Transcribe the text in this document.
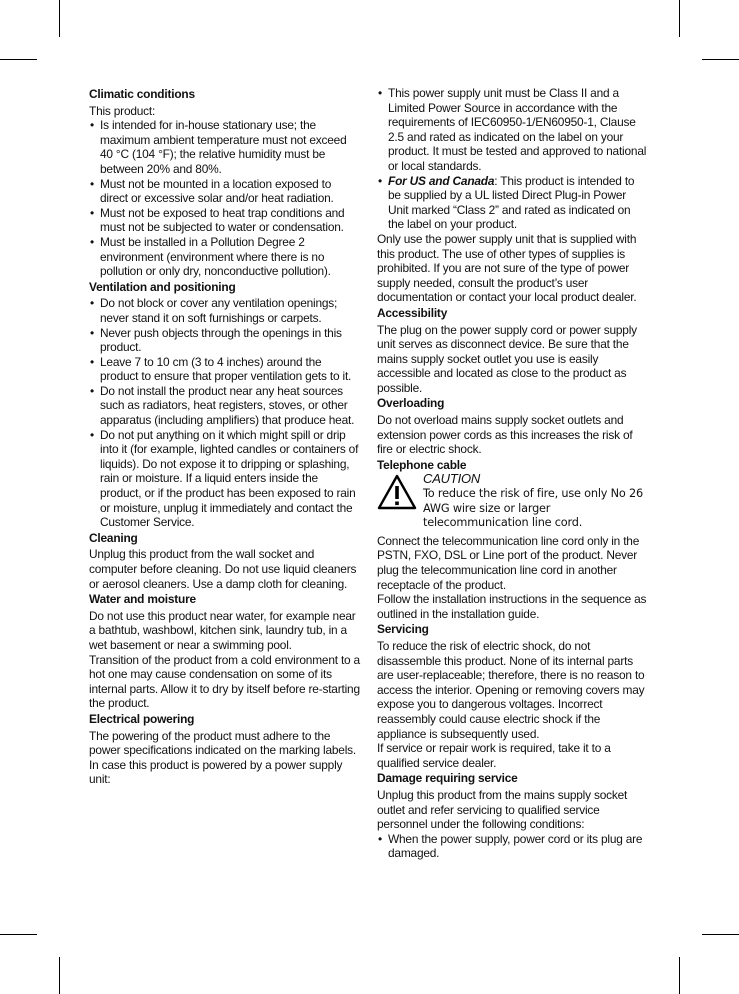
Climatic conditions

This product:

• Is intended for in-house stationary use; the maximum ambient temperature must not exceed 40 °C (104 °F); the relative humidity must be between 20% and 80%.
• Must not be mounted in a location exposed to direct or excessive solar and/or heat radiation.
• Must not be exposed to heat trap conditions and must not be subjected to water or condensation.
• Must be installed in a Pollution Degree 2 environment (environment where there is no pollution or only dry, nonconductive pollution).
Ventilation and positioning
• Do not block or cover any ventilation openings; never stand it on soft furnishings or carpets.
• Never push objects through the openings in this product.
• Leave 7 to 10 cm (3 to 4 inches) around the product to ensure that proper ventilation gets to it.
• Do not install the product near any heat sources such as radiators, heat registers, stoves, or other apparatus (including amplifiers) that produce heat.
• Do not put anything on it which might spill or drip into it (for example, lighted candles or containers of liquids). Do not expose it to dripping or splashing, rain or moisture. If a liquid enters inside the product, or if the product has been exposed to rain or moisture, unplug it immediately and contact the Customer Service.
Cleaning

Unplug this product from the wall socket and computer before cleaning. Do not use liquid cleaners or aerosol cleaners. Use a damp cloth for cleaning.

Water and moisture

Do not use this product near water, for example near a bathtub, washbowl, kitchen sink, laundry tub, in a wet basement or near a swimming pool.

Transition of the product from a cold environment to a hot one may cause condensation on some of its internal parts. Allow it to dry by itself before re-starting the product.

Electrical powering

The powering of the product must adhere to the power specifications indicated on the marking labels.

In case this product is powered by a power supply unit:

• This power supply unit must be Class II and a Limited Power Source in accordance with the requirements of IEC60950-1/EN60950-1, Clause 2.5 and rated as indicated on the label on your product. It must be tested and approved to national or local standards.
• For US and Canada: This product is intended to be supplied by a UL listed Direct Plug-in Power Unit marked “Class 2” and rated as indicated on the label on your product.

Only use the power supply unit that is supplied with this product. The use of other types of supplies is prohibited. If you are not sure of the type of power supply needed, consult the product’s user documentation or contact your local product dealer.

Accessibility

The plug on the power supply cord or power supply unit serves as disconnect device. Be sure that the mains supply socket outlet you use is easily accessible and located as close to the product as possible.

Overloading

Do not overload mains supply socket outlets and extension power cords as this increases the risk of fire or electric shock.

Telephone cable
CAUTION
To reduce the risk of fire, use only No 26 AWG wire size or larger telecommunication line cord.

Connect the telecommunication line cord only in the PSTN, FXO, DSL or Line port of the product. Never plug the telecommunication line cord in another receptacle of the product.

Follow the installation instructions in the sequence as outlined in the installation guide.

Servicing

To reduce the risk of electric shock, do not disassemble this product. None of its internal parts are user-replaceable; therefore, there is no reason to access the interior. Opening or removing covers may expose you to dangerous voltages. Incorrect reassembly could cause electric shock if the appliance is subsequently used.

If service or repair work is required, take it to a qualified service dealer.

Damage requiring service

Unplug this product from the mains supply socket outlet and refer servicing to qualified service personnel under the following conditions:

• When the power supply, power cord or its plug are damaged.
